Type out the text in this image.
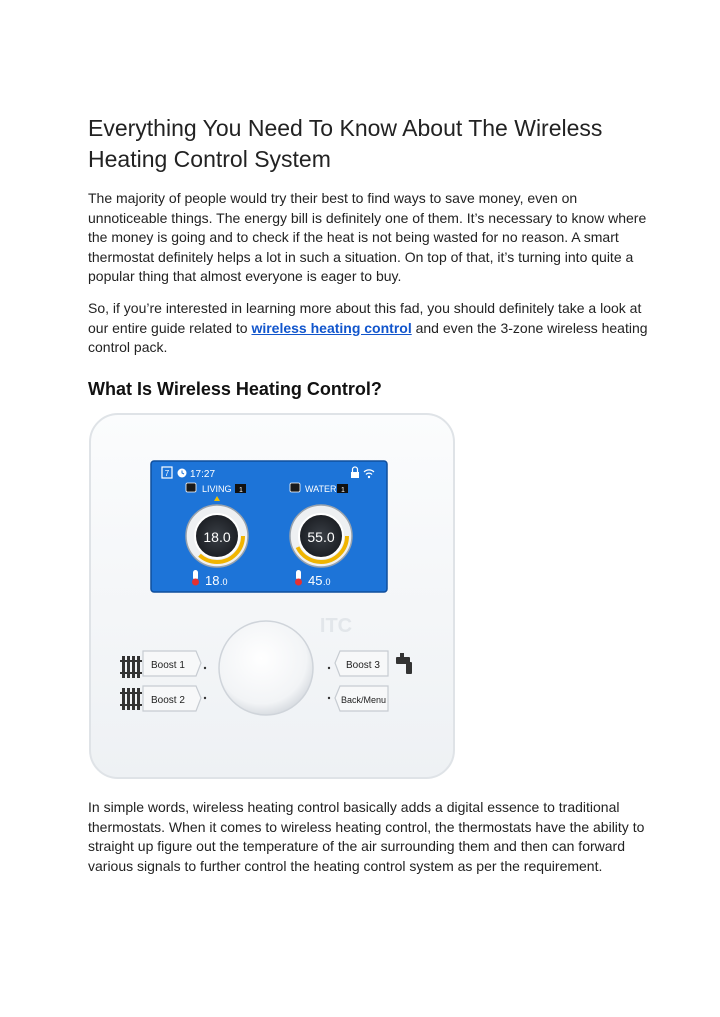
Everything You Need To Know About The Wireless Heating Control System

The majority of people would try their best to find ways to save money, even on unnoticeable things. The energy bill is definitely one of them. It’s necessary to know where the money is going and to check if the heat is not being wasted for no reason. A smart thermostat definitely helps a lot in such a situation. On top of that, it’s turning into quite a popular thing that almost everyone is eager to buy.

So, if you’re interested in learning more about this fad, you should definitely take a look at our entire guide related to wireless heating control and even the 3-zone wireless heating control pack.

What Is Wireless Heating Control?
7 17:27
LIVING 1	WATER 1
18.0	55.0
18 .0	45 .0
ITC
Boost 1
Boost 2
Boost 3
Back/Menu

In simple words, wireless heating control basically adds a digital essence to traditional thermostats. When it comes to wireless heating control, the thermostats have the ability to straight up figure out the temperature of the air surrounding them and then can forward various signals to further control the heating control system as per the requirement.
